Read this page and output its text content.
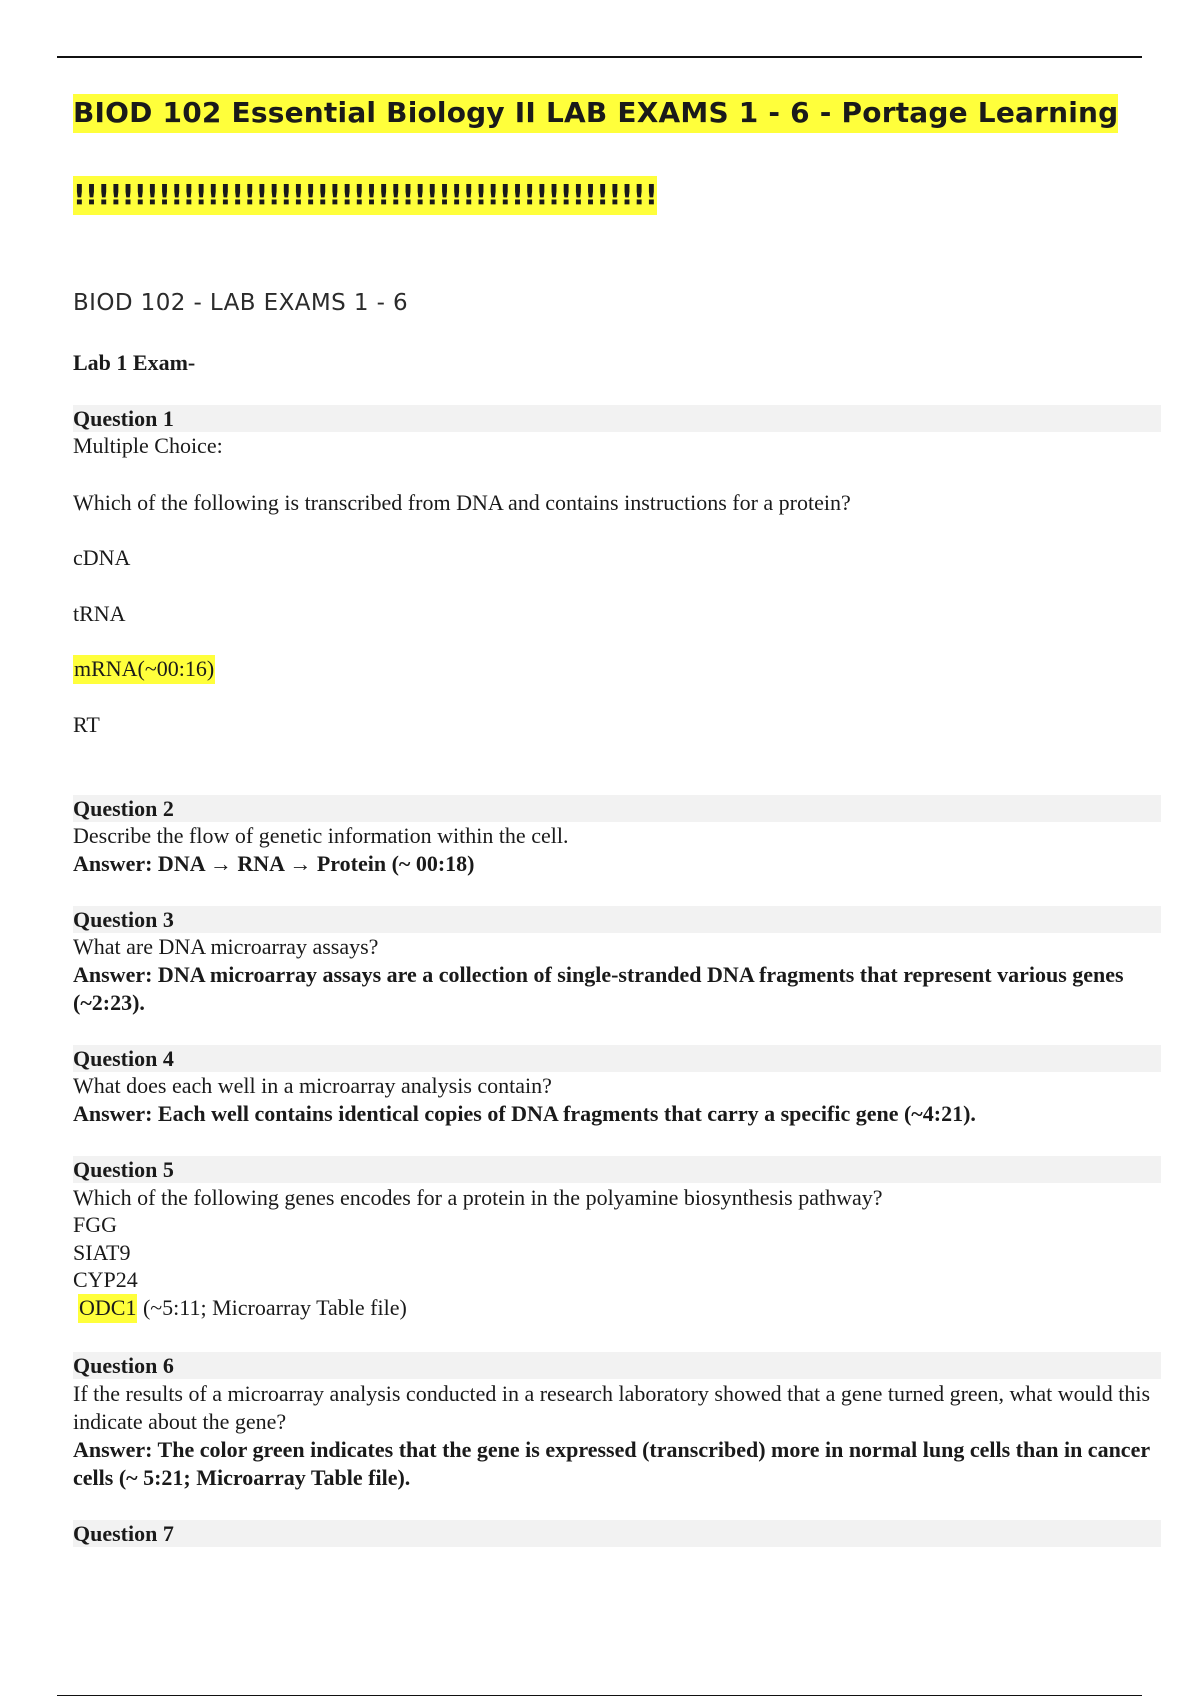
BIOD 102 Essential Biology II LAB EXAMS 1 - 6 - Portage Learning
!!!!!!!!!!!!!!!!!!!!!!!!!!!!!!!!!!!!!!!!!!!!!!!!
BIOD 102 - LAB EXAMS 1 - 6
Lab 1 Exam-
Question 1
Multiple Choice:
Which of the following is transcribed from DNA and contains instructions for a protein?
cDNA
tRNA
mRNA(~00:16)
RT
Question 2
Describe the flow of genetic information within the cell.
Answer: DNA → RNA → Protein (~ 00:18)
Question 3
What are DNA microarray assays?
Answer: DNA microarray assays are a collection of single-stranded DNA fragments that represent various genes (~2:23).
Question 4
What does each well in a microarray analysis contain?
Answer: Each well contains identical copies of DNA fragments that carry a specific gene (~4:21).
Question 5
Which of the following genes encodes for a protein in the polyamine biosynthesis pathway?
FGG
SIAT9
CYP24
ODC1 (~5:11; Microarray Table file)
Question 6
If the results of a microarray analysis conducted in a research laboratory showed that a gene turned green, what would this indicate about the gene?
Answer: The color green indicates that the gene is expressed (transcribed) more in normal lung cells than in cancer cells (~ 5:21; Microarray Table file).
Question 7
